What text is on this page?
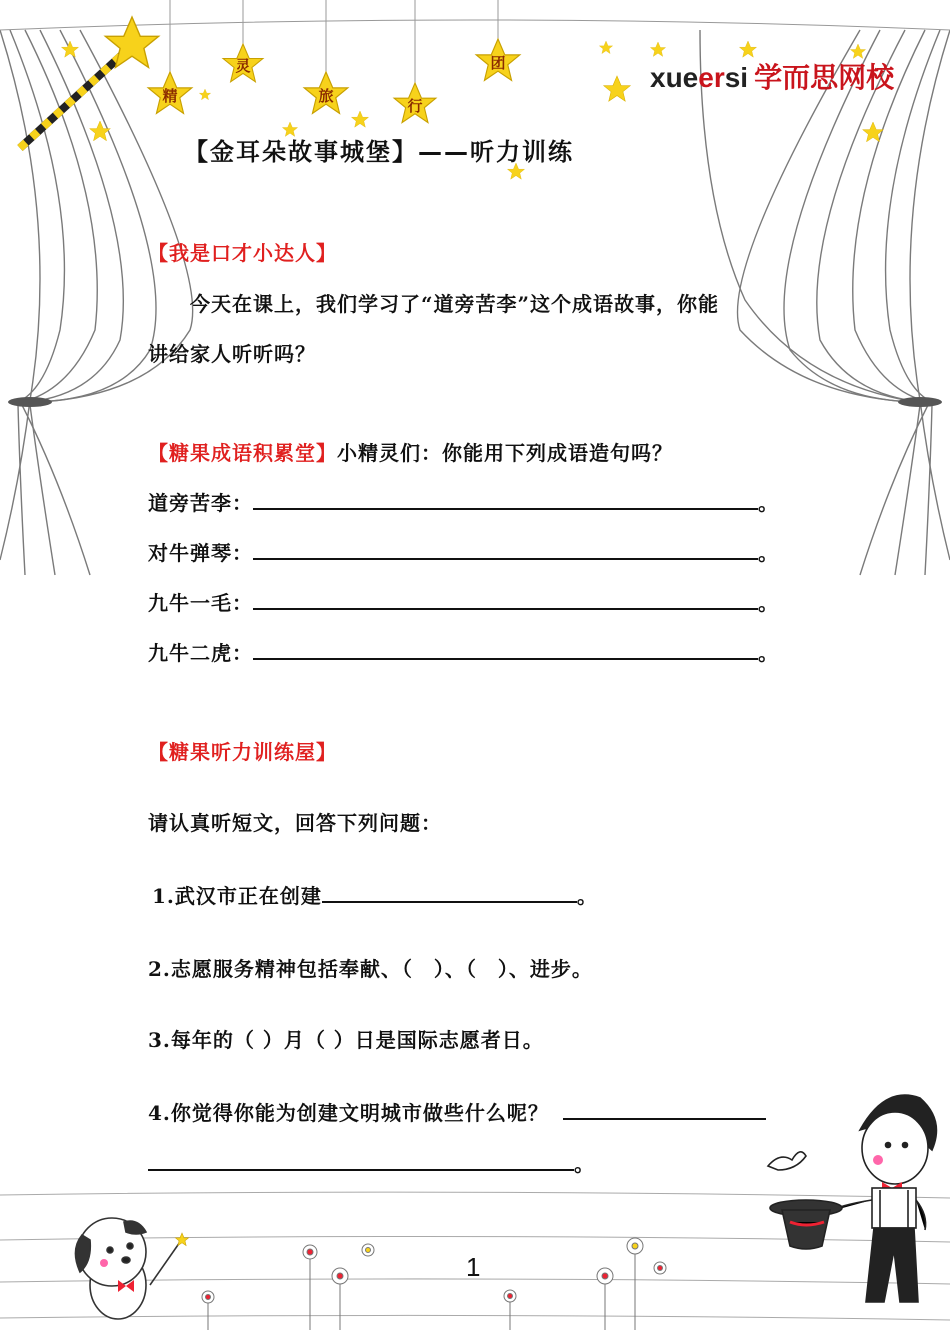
精
灵
旅
行
团	xueersi 学而思网校
【金耳朵故事城堡】——听力训练
【我是口才小达人】
今天在课上，我们学习了“道旁苦李”这个成语故事，你能
讲给家人听听吗？
【糖果成语积累堂】小精灵们：你能用下列成语造句吗？
道旁苦李：	。
对牛弹琴：	。
九牛一毛：	。
九牛二虎：	。
【糖果听力训练屋】
请认真听短文，回答下列问题：
1.武汉市正在创建	。
2.志愿服务精神包括奉献、（　）、（　）、进步。
3.每年的（ ）月（ ）日是国际志愿者日。
4.你觉得你能为创建文明城市做些什么呢？
。
1
